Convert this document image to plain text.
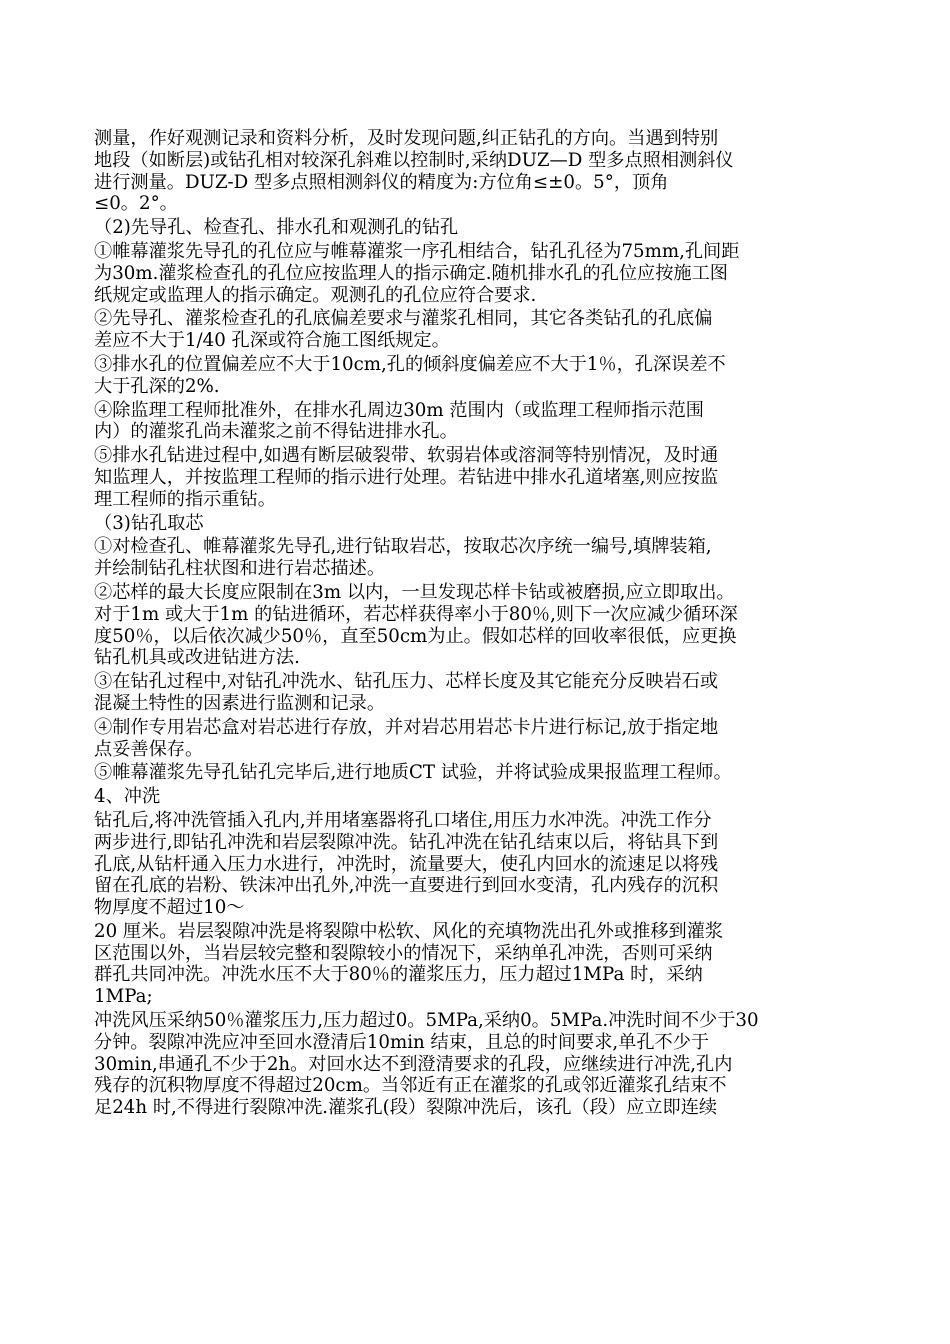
测量，作好观测记录和资料分析，及时发现问题,纠正钻孔的方向。当遇到特别
地段（如断层)或钻孔相对较深孔斜难以控制时,采纳DUZ—D 型多点照相测斜仪
进行测量。DUZ-D 型多点照相测斜仪的精度为:方位角≤±0。5°，顶角
≤0。2°。
（2)先导孔、检查孔、排水孔和观测孔的钻孔
①帷幕灌浆先导孔的孔位应与帷幕灌浆一序孔相结合，钻孔孔径为75mm,孔间距
为30m.灌浆检查孔的孔位应按监理人的指示确定.随机排水孔的孔位应按施工图
纸规定或监理人的指示确定。观测孔的孔位应符合要求.
②先导孔、灌浆检查孔的孔底偏差要求与灌浆孔相同，其它各类钻孔的孔底偏
差应不大于1/40 孔深或符合施工图纸规定。
③排水孔的位置偏差应不大于10cm,孔的倾斜度偏差应不大于1％，孔深误差不
大于孔深的2%.
④除监理工程师批准外，在排水孔周边30m 范围内（或监理工程师指示范围
内）的灌浆孔尚未灌浆之前不得钻进排水孔。
⑤排水孔钻进过程中,如遇有断层破裂带、软弱岩体或溶洞等特别情况，及时通
知监理人，并按监理工程师的指示进行处理。若钻进中排水孔道堵塞,则应按监
理工程师的指示重钻。
（3)钻孔取芯
①对检查孔、帷幕灌浆先导孔,进行钻取岩芯，按取芯次序统一编号,填牌装箱,
并绘制钻孔柱状图和进行岩芯描述。
②芯样的最大长度应限制在3m 以内，一旦发现芯样卡钻或被磨损,应立即取出。
对于1m 或大于1m 的钻进循环，若芯样获得率小于80％,则下一次应减少循环深
度50％，以后依次减少50％，直至50cm为止。假如芯样的回收率很低，应更换
钻孔机具或改进钻进方法.
③在钻孔过程中,对钻孔冲洗水、钻孔压力、芯样长度及其它能充分反映岩石或
混凝土特性的因素进行监测和记录。
④制作专用岩芯盒对岩芯进行存放，并对岩芯用岩芯卡片进行标记,放于指定地
点妥善保存。
⑤帷幕灌浆先导孔钻孔完毕后,进行地质CT 试验，并将试验成果报监理工程师。
4、冲洗
钻孔后,将冲洗管插入孔内,并用堵塞器将孔口堵住,用压力水冲洗。冲洗工作分
两步进行,即钻孔冲洗和岩层裂隙冲洗。钻孔冲洗在钻孔结束以后，将钻具下到
孔底,从钻杆通入压力水进行，冲洗时，流量要大，使孔内回水的流速足以将残
留在孔底的岩粉、铁沫冲出孔外,冲洗一直要进行到回水变清，孔内残存的沉积
物厚度不超过10～
20 厘米。岩层裂隙冲洗是将裂隙中松软、风化的充填物洗出孔外或推移到灌浆
区范围以外，当岩层较完整和裂隙较小的情况下，采纳单孔冲洗，否则可采纳
群孔共同冲洗。冲洗水压不大于80％的灌浆压力，压力超过1MPa 时，采纳
1MPa;
冲洗风压采纳50％灌浆压力,压力超过0。5MPa,采纳0。5MPa.冲洗时间不少于30
分钟。裂隙冲洗应冲至回水澄清后10min 结束，且总的时间要求,单孔不少于
30min,串通孔不少于2h。对回水达不到澄清要求的孔段，应继续进行冲洗,孔内
残存的沉积物厚度不得超过20cm。当邻近有正在灌浆的孔或邻近灌浆孔结束不
足24h 时,不得进行裂隙冲洗.灌浆孔(段）裂隙冲洗后，该孔（段）应立即连续
